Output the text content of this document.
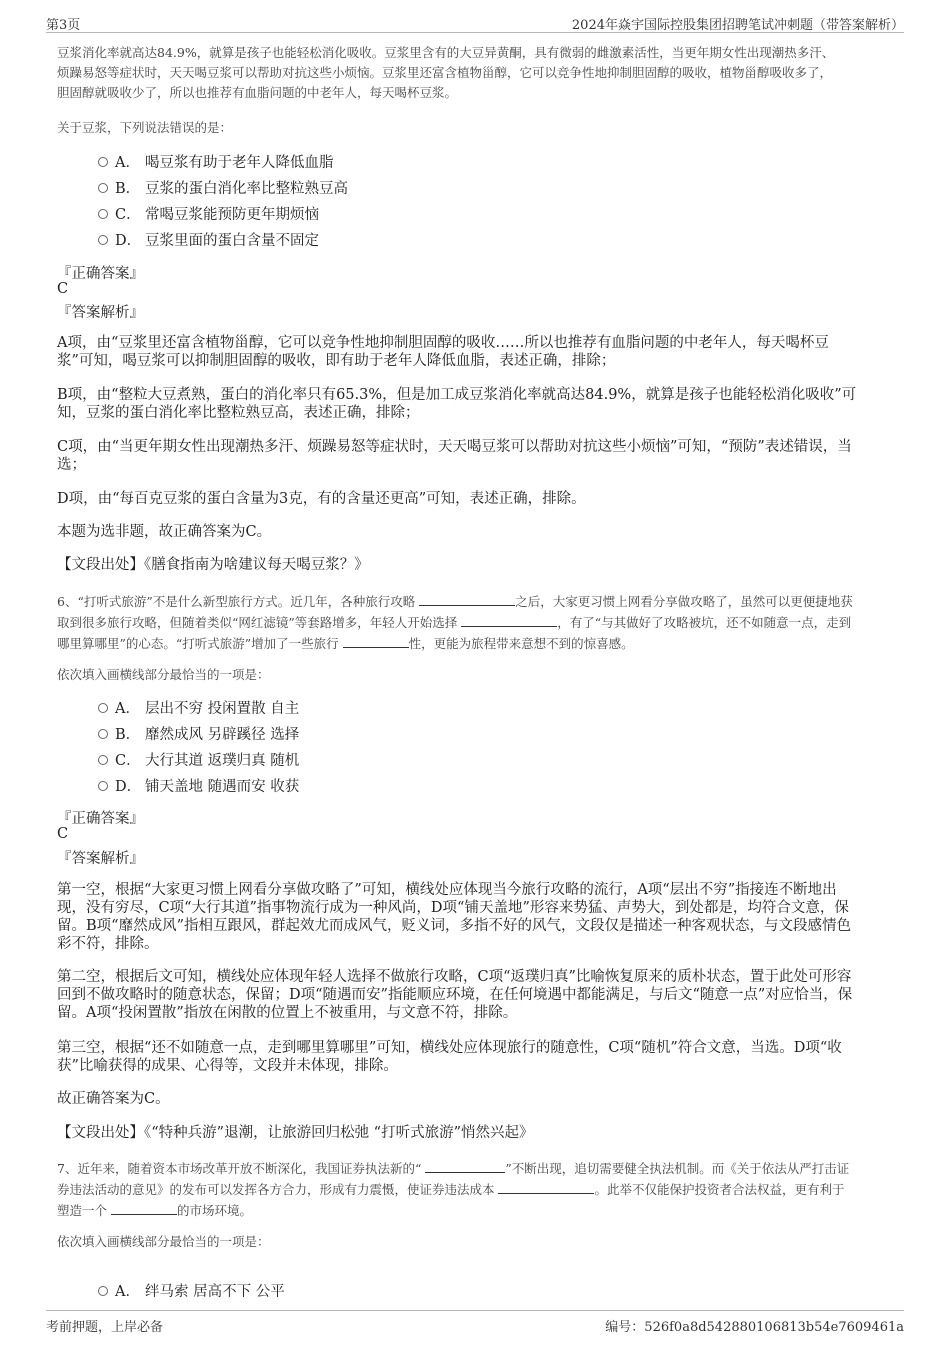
第3页	2024年焱宇国际控股集团招聘笔试冲刺题（带答案解析）
豆浆消化率就高达84.9%，就算是孩子也能轻松消化吸收。豆浆里含有的大豆异黄酮，具有微弱的雌激素活性，当更年期女性出现潮热多汗、
烦躁易怒等症状时，天天喝豆浆可以帮助对抗这些小烦恼。豆浆里还富含植物甾醇，它可以竞争性地抑制胆固醇的吸收，植物甾醇吸收多了，
胆固醇就吸收少了，所以也推荐有血脂问题的中老年人，每天喝杯豆浆。
关于豆浆，下列说法错误的是：
A． 喝豆浆有助于老年人降低血脂
B． 豆浆的蛋白消化率比整粒熟豆高
C． 常喝豆浆能预防更年期烦恼
D． 豆浆里面的蛋白含量不固定
『正确答案』
C
『答案解析』
A项，由“豆浆里还富含植物甾醇，它可以竞争性地抑制胆固醇的吸收……所以也推荐有血脂问题的中老年人，每天喝杯豆
浆”可知，喝豆浆可以抑制胆固醇的吸收，即有助于老年人降低血脂，表述正确，排除；
B项，由“整粒大豆煮熟，蛋白的消化率只有65.3%，但是加工成豆浆消化率就高达84.9%，就算是孩子也能轻松消化吸收”可
知，豆浆的蛋白消化率比整粒熟豆高，表述正确，排除；
C项，由“当更年期女性出现潮热多汗、烦躁易怒等症状时，天天喝豆浆可以帮助对抗这些小烦恼”可知，“预防”表述错误，当
选；
D项，由“每百克豆浆的蛋白含量为3克，有的含量还更高”可知，表述正确，排除。
本题为选非题，故正确答案为C。
【文段出处】《膳食指南为啥建议每天喝豆浆？》
6、“打听式旅游”不是什么新型旅行方式。近几年，各种旅行攻略	之后，大家更习惯上网看分享做攻略了，虽然可以更便捷地获
取到很多旅行攻略，但随着类似“网红滤镜”等套路增多，年轻人开始选择	，有了“与其做好了攻略被坑，还不如随意一点，走到
哪里算哪里”的心态。“打听式旅游”增加了一些旅行	性，更能为旅程带来意想不到的惊喜感。
依次填入画横线部分最恰当的一项是：
A． 层出不穷 投闲置散 自主
B． 靡然成风 另辟蹊径 选择
C． 大行其道 返璞归真 随机
D． 铺天盖地 随遇而安 收获
『正确答案』
C
『答案解析』
第一空，根据“大家更习惯上网看分享做攻略了”可知，横线处应体现当今旅行攻略的流行，A项“层出不穷”指接连不断地出
现，没有穷尽，C项“大行其道”指事物流行成为一种风尚，D项“铺天盖地”形容来势猛、声势大，到处都是，均符合文意，保
留。B项“靡然成风”指相互跟风，群起效尤而成风气，贬义词，多指不好的风气，文段仅是描述一种客观状态，与文段感情色
彩不符，排除。
第二空，根据后文可知，横线处应体现年轻人选择不做旅行攻略，C项“返璞归真”比喻恢复原来的质朴状态，置于此处可形容
回到不做攻略时的随意状态，保留；D项“随遇而安”指能顺应环境，在任何境遇中都能满足，与后文“随意一点”对应恰当，保
留。A项“投闲置散”指放在闲散的位置上不被重用，与文意不符，排除。
第三空，根据“还不如随意一点，走到哪里算哪里”可知，横线处应体现旅行的随意性，C项“随机”符合文意，当选。D项“收
获”比喻获得的成果、心得等，文段并未体现，排除。
故正确答案为C。
【文段出处】《“特种兵游”退潮，让旅游回归松弛 “打听式旅游”悄然兴起》
7、近年来，随着资本市场改革开放不断深化，我国证券执法新的“	”不断出现，追切需要健全执法机制。而《关于依法从严打击证
券违法活动的意见》的发布可以发挥各方合力，形成有力震慑，使证券违法成本	。此举不仅能保护投资者合法权益，更有利于
塑造一个	的市场环境。
依次填入画横线部分最恰当的一项是：
A． 绊马索 居高不下 公平
考前押题，上岸必备	编号：526f0a8d542880106813b54e7609461a
